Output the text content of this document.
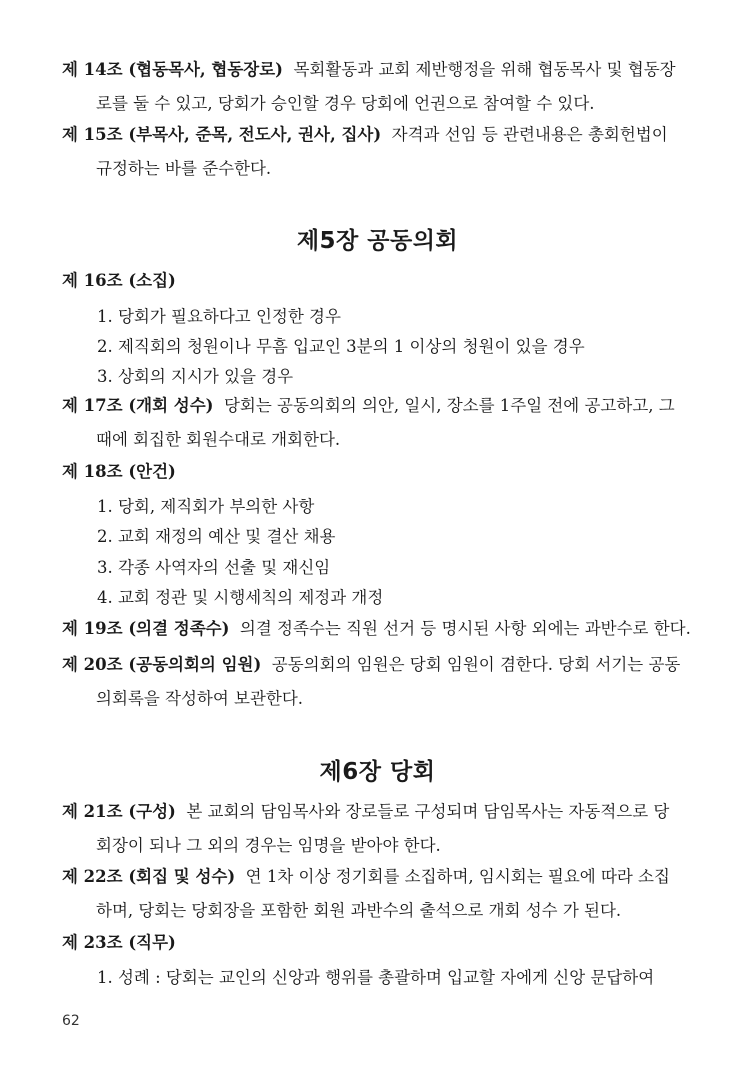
제 14조 (협동목사, 협동장로) 목회활동과 교회 제반행정을 위해 협동목사 및 협동장
로를 둘 수 있고, 당회가 승인할 경우 당회에 언권으로 참여할 수 있다.
제 15조 (부목사, 준목, 전도사, 권사, 집사) 자격과 선임 등 관련내용은 총회헌법이
규정하는 바를 준수한다.
제5장 공동의회
제 16조 (소집)
1. 당회가 필요하다고 인정한 경우
2. 제직회의 청원이나 무흠 입교인 3분의 1 이상의 청원이 있을 경우
3. 상회의 지시가 있을 경우
제 17조 (개회 성수) 당회는 공동의회의 의안, 일시, 장소를 1주일 전에 공고하고, 그
때에 회집한 회원수대로 개회한다.
제 18조 (안건)
1. 당회, 제직회가 부의한 사항
2. 교회 재정의 예산 및 결산 채용
3. 각종 사역자의 선출 및 재신임
4. 교회 정관 및 시행세칙의 제정과 개정
제 19조 (의결 정족수) 의결 정족수는 직원 선거 등 명시된 사항 외에는 과반수로 한다.
제 20조 (공동의회의 임원) 공동의회의 임원은 당회 임원이 겸한다. 당회 서기는 공동
의회록을 작성하여 보관한다.
제6장 당회
제 21조 (구성) 본 교회의 담임목사와 장로들로 구성되며 담임목사는 자동적으로 당
회장이 되나 그 외의 경우는 임명을 받아야 한다.
제 22조 (회집 및 성수) 연 1차 이상 정기회를 소집하며, 임시회는 필요에 따라 소집
하며, 당회는 당회장을 포함한 회원 과반수의 출석으로 개회 성수 가 된다.
제 23조 (직무)
1. 성례 : 당회는 교인의 신앙과 행위를 총괄하며 입교할 자에게 신앙 문답하여
62
